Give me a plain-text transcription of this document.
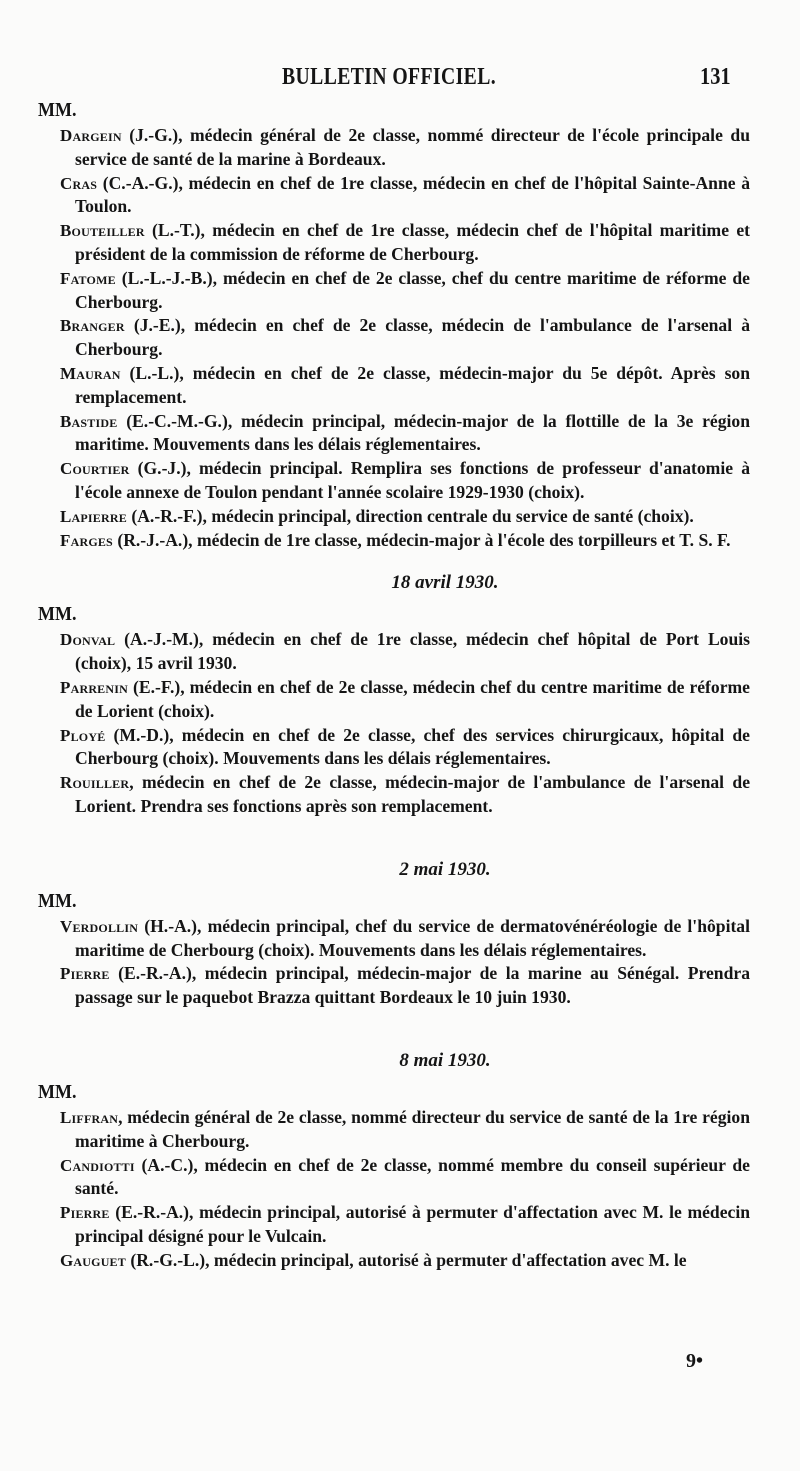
BULLETIN OFFICIEL.	131
MM.
Dargein (J.-G.), médecin général de 2e classe, nommé directeur de l'école principale du service de santé de la marine à Bordeaux.
Cras (C.-A.-G.), médecin en chef de 1re classe, médecin en chef de l'hôpital Sainte-Anne à Toulon.
Bouteiller (L.-T.), médecin en chef de 1re classe, médecin chef de l'hôpital maritime et président de la commission de réforme de Cherbourg.
Fatome (L.-L.-J.-B.), médecin en chef de 2e classe, chef du centre maritime de réforme de Cherbourg.
Branger (J.-E.), médecin en chef de 2e classe, médecin de l'ambulance de l'arsenal à Cherbourg.
Mauran (L.-L.), médecin en chef de 2e classe, médecin-major du 5e dépôt. Après son remplacement.
Bastide (E.-C.-M.-G.), médecin principal, médecin-major de la flottille de la 3e région maritime. Mouvements dans les délais réglementaires.
Courtier (G.-J.), médecin principal. Remplira ses fonctions de professeur d'anatomie à l'école annexe de Toulon pendant l'année scolaire 1929-1930 (choix).
Lapierre (A.-R.-F.), médecin principal, direction centrale du service de santé (choix).
Farges (R.-J.-A.), médecin de 1re classe, médecin-major à l'école des torpilleurs et T. S. F.
18 avril 1930.
MM.
Donval (A.-J.-M.), médecin en chef de 1re classe, médecin chef hôpital de Port Louis (choix), 15 avril 1930.
Parrenin (E.-F.), médecin en chef de 2e classe, médecin chef du centre maritime de réforme de Lorient (choix).
Ployé (M.-D.), médecin en chef de 2e classe, chef des services chirurgicaux, hôpital de Cherbourg (choix). Mouvements dans les délais réglementaires.
Rouiller, médecin en chef de 2e classe, médecin-major de l'ambulance de l'arsenal de Lorient. Prendra ses fonctions après son remplacement.
2 mai 1930.
MM.
Verdollin (H.-A.), médecin principal, chef du service de dermatovénéréologie de l'hôpital maritime de Cherbourg (choix). Mouvements dans les délais réglementaires.
Pierre (E.-R.-A.), médecin principal, médecin-major de la marine au Sénégal. Prendra passage sur le paquebot Brazza quittant Bordeaux le 10 juin 1930.
8 mai 1930.
MM.
Liffran, médecin général de 2e classe, nommé directeur du service de santé de la 1re région maritime à Cherbourg.
Candiotti (A.-C.), médecin en chef de 2e classe, nommé membre du conseil supérieur de santé.
Pierre (E.-R.-A.), médecin principal, autorisé à permuter d'affectation avec M. le médecin principal désigné pour le Vulcain.
Gauguet (R.-G.-L.), médecin principal, autorisé à permuter d'affectation avec M. le
9•
